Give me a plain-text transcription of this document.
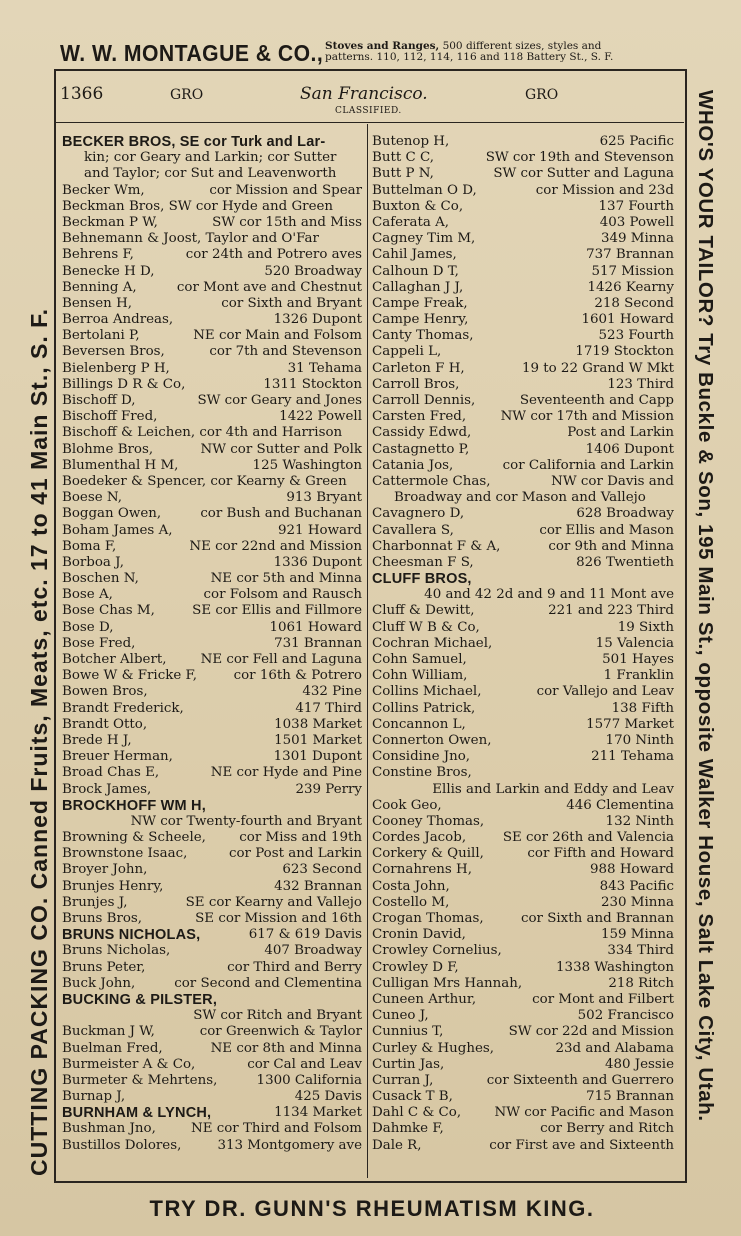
W. W. MONTAGUE & CO., Stoves and Ranges, 500 different sizes, styles and
patterns. 110, 112, 114, 116 and 118 Battery St., S. F.
CUTTING PACKING CO. Canned Fruits, Meats, etc. 17 to 41 Main St., S. F.	WHO'S YOUR TAILOR? Try Buckle & Son, 195 Main St., opposite Walker House, Salt Lake City, Utah.
1366	GRO	San Francisco.	GRO
CLASSIFIED.
BECKER BROS, SE cor Turk and Lar-
kin; cor Geary and Larkin; cor Sutter
and Taylor; cor Sut and Leavenworth
Becker Wm,	cor Mission and Spear
Beckman Bros, SW cor Hyde and Green
Beckman P W,	SW cor 15th and Miss
Behnemann & Joost, Taylor and O'Far
Behrens F,	cor 24th and Potrero aves
Benecke H D,	520 Broadway
Benning A,	cor Mont ave and Chestnut
Bensen H,	cor Sixth and Bryant
Berroa Andreas,	1326 Dupont
Bertolani P,	NE cor Main and Folsom
Beversen Bros,	cor 7th and Stevenson
Bielenberg P H,	31 Tehama
Billings D R & Co,	1311 Stockton
Bischoff D,	SW cor Geary and Jones
Bischoff Fred,	1422 Powell
Bischoff & Leichen, cor 4th and Harrison
Blohme Bros,	NW cor Sutter and Polk
Blumenthal H M,	125 Washington
Boedeker & Spencer, cor Kearny & Green
Boese N,	913 Bryant
Boggan Owen,	cor Bush and Buchanan
Boham James A,	921 Howard
Boma F,	NE cor 22nd and Mission
Borboa J,	1336 Dupont
Boschen N,	NE cor 5th and Minna
Bose A,	cor Folsom and Rausch
Bose Chas M,	SE cor Ellis and Fillmore
Bose D,	1061 Howard
Bose Fred,	731 Brannan
Botcher Albert,	NE cor Fell and Laguna
Bowe W & Fricke F,	cor 16th & Potrero
Bowen Bros,	432 Pine
Brandt Frederick,	417 Third
Brandt Otto,	1038 Market
Brede H J,	1501 Market
Breuer Herman,	1301 Dupont
Broad Chas E,	NE cor Hyde and Pine
Brock James,	239 Perry
BROCKHOFF WM H,
NW cor Twenty-fourth and Bryant
Browning & Scheele, cor Miss and 19th
Brownstone Isaac,	cor Post and Larkin
Broyer John,	623 Second
Brunjes Henry,	432 Brannan
Brunjes J,	SE cor Kearny and Vallejo
Bruns Bros,	SE cor Mission and 16th
BRUNS NICHOLAS,	617 & 619 Davis
Bruns Nicholas,	407 Broadway
Bruns Peter,	cor Third and Berry
Buck John,	cor Second and Clementina
BUCKING & PILSTER,
SW cor Ritch and Bryant
Buckman J W,	cor Greenwich & Taylor
Buelman Fred,	NE cor 8th and Minna
Burmeister A & Co,	cor Cal and Leav
Burmeter & Mehrtens,	1300 California
Burnap J,	425 Davis
BURNHAM & LYNCH,	1134 Market
Bushman Jno,	NE cor Third and Folsom
Bustillos Dolores,	313 Montgomery ave
Butenop H,	625 Pacific
Butt C C,	SW cor 19th and Stevenson
Butt P N,	SW cor Sutter and Laguna
Buttelman O D,	cor Mission and 23d
Buxton & Co,	137 Fourth
Caferata A,	403 Powell
Cagney Tim M,	349 Minna
Cahil James,	737 Brannan
Calhoun D T,	517 Mission
Callaghan J J,	1426 Kearny
Campe Freak,	218 Second
Campe Henry,	1601 Howard
Canty Thomas,	523 Fourth
Cappeli L,	1719 Stockton
Carleton F H,	19 to 22 Grand W Mkt
Carroll Bros,	123 Third
Carroll Dennis,	Seventeenth and Capp
Carsten Fred,	NW cor 17th and Mission
Cassidy Edwd,	Post and Larkin
Castagnetto P,	1406 Dupont
Catania Jos,	cor California and Larkin
Cattermole Chas,	NW cor Davis and
Broadway and cor Mason and Vallejo
Cavagnero D,	628 Broadway
Cavallera S,	cor Ellis and Mason
Charbonnat F & A,	cor 9th and Minna
Cheesman F S,	826 Twentieth
CLUFF BROS,
40 and 42 2d and 9 and 11 Mont ave
Cluff & Dewitt,	221 and 223 Third
Cluff W B & Co,	19 Sixth
Cochran Michael,	15 Valencia
Cohn Samuel,	501 Hayes
Cohn William,	1 Franklin
Collins Michael,	cor Vallejo and Leav
Collins Patrick,	138 Fifth
Concannon L,	1577 Market
Connerton Owen,	170 Ninth
Considine Jno,	211 Tehama
Constine Bros,
Ellis and Larkin and Eddy and Leav
Cook Geo,	446 Clementina
Cooney Thomas,	132 Ninth
Cordes Jacob,	SE cor 26th and Valencia
Corkery & Quill,	cor Fifth and Howard
Cornahrens H,	988 Howard
Costa John,	843 Pacific
Costello M,	230 Minna
Crogan Thomas,	cor Sixth and Brannan
Cronin David,	159 Minna
Crowley Cornelius,	334 Third
Crowley D F,	1338 Washington
Culligan Mrs Hannah,	218 Ritch
Cuneen Arthur,	cor Mont and Filbert
Cuneo J,	502 Francisco
Cunnius T,	SW cor 22d and Mission
Curley & Hughes,	23d and Alabama
Curtin Jas,	480 Jessie
Curran J,	cor Sixteenth and Guerrero
Cusack T B,	715 Brannan
Dahl C & Co, NW cor Pacific and Mason
Dahmke F,	cor Berry and Ritch
Dale R,	cor First ave and Sixteenth
TRY DR. GUNN'S RHEUMATISM KING.
